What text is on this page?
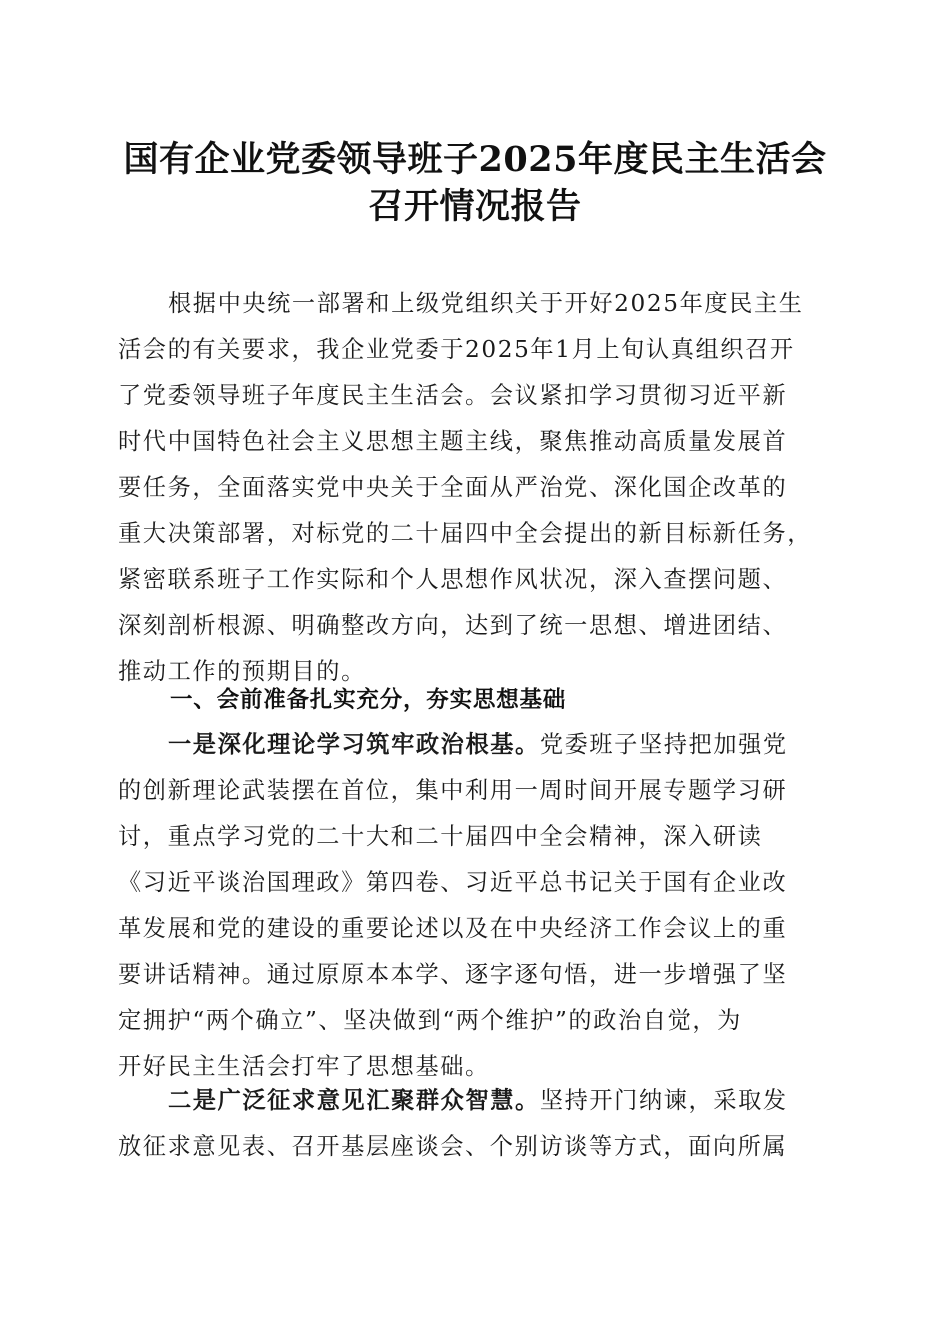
国有企业党委领导班子2025年度民主生活会
召开情况报告
根据中央统一部署和上级党组织关于开好2025年度民主生
活会的有关要求，我企业党委于2025年1月上旬认真组织召开
了党委领导班子年度民主生活会。会议紧扣学习贯彻习近平新
时代中国特色社会主义思想主题主线，聚焦推动高质量发展首
要任务，全面落实党中央关于全面从严治党、深化国企改革的
重大决策部署，对标党的二十届四中全会提出的新目标新任务，
紧密联系班子工作实际和个人思想作风状况，深入查摆问题、
深刻剖析根源、明确整改方向，达到了统一思想、增进团结、
推动工作的预期目的。
一、会前准备扎实充分，夯实思想基础
一是深化理论学习筑牢政治根基。党委班子坚持把加强党
的创新理论武装摆在首位，集中利用一周时间开展专题学习研
讨，重点学习党的二十大和二十届四中全会精神，深入研读
《习近平谈治国理政》第四卷、习近平总书记关于国有企业改
革发展和党的建设的重要论述以及在中央经济工作会议上的重
要讲话精神。通过原原本本学、逐字逐句悟，进一步增强了坚
定拥护“两个确立”、坚决做到“两个维护”的政治自觉，为
开好民主生活会打牢了思想基础。
二是广泛征求意见汇聚群众智慧。坚持开门纳谏，采取发
放征求意见表、召开基层座谈会、个别访谈等方式，面向所属
